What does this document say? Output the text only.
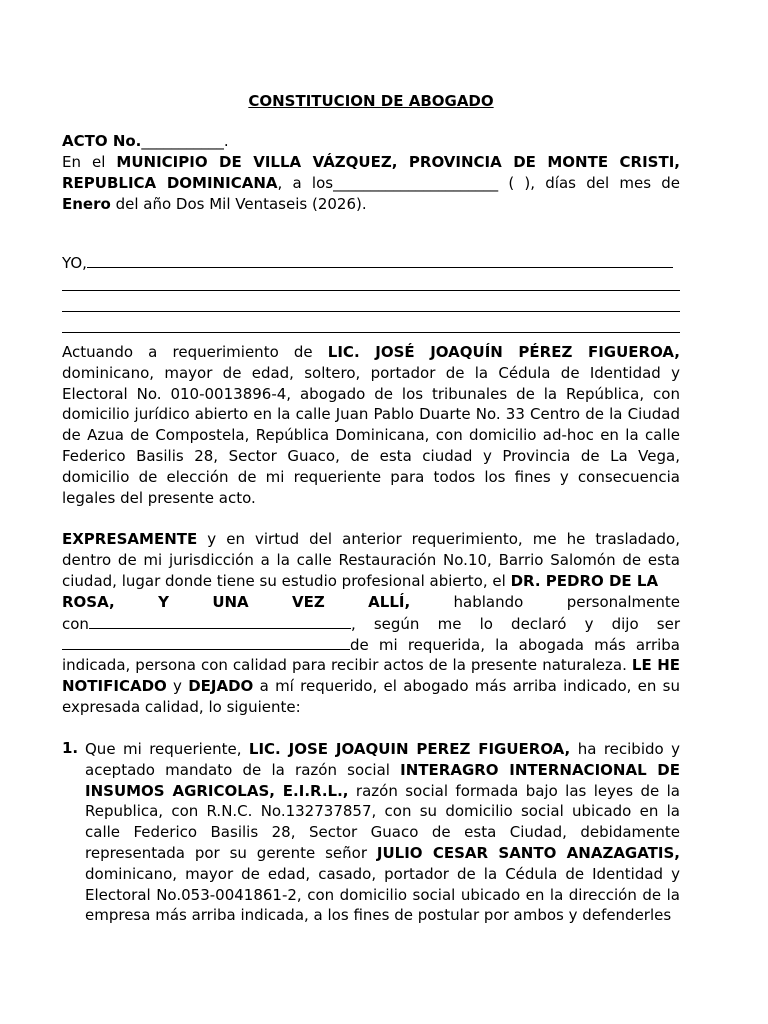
CONSTITUCION DE ABOGADO
ACTO No.___________.
En el MUNICIPIO DE VILLA VÁZQUEZ, PROVINCIA DE MONTE CRISTI, REPUBLICA DOMINICANA, a los______________________ ( ), días del mes de Enero del año Dos Mil Ventaseis (2026).
YO,
Actuando a requerimiento de LIC. JOSÉ JOAQUÍN PÉREZ FIGUEROA, dominicano, mayor de edad, soltero, portador de la Cédula de Identidad y Electoral No. 010-0013896-4, abogado de los tribunales de la República, con domicilio jurídico abierto en la calle Juan Pablo Duarte No. 33 Centro de la Ciudad de Azua de Compostela, República Dominicana, con domicilio ad-hoc en la calle Federico Basilis 28, Sector Guaco, de esta ciudad y Provincia de La Vega, domicilio de elección de mi requeriente para todos los fines y consecuencia legales del presente acto.
EXPRESAMENTE y en virtud del anterior requerimiento, me he trasladado, dentro de mi jurisdicción a la calle Restauración No.10, Barrio Salomón de esta ciudad, lugar donde tiene su estudio profesional abierto, el DR. PEDRO DE LA
ROSA,	Y	UNA	VEZ	ALLÍ,	hablando	personalmente
con	, según me lo declaró y dijo ser
de mi requerida, la abogada más arriba
indicada, persona con calidad para recibir actos de la presente naturaleza. LE HE NOTIFICADO y DEJADO a mí requerido, el abogado más arriba indicado, en su expresada calidad, lo siguiente:
1. Que mi requeriente, LIC. JOSE JOAQUIN PEREZ FIGUEROA, ha recibido y aceptado mandato de la razón social INTERAGRO INTERNACIONAL DE INSUMOS AGRICOLAS, E.I.R.L., razón social formada bajo las leyes de la Republica, con R.N.C. No.132737857, con su domicilio social ubicado en la calle Federico Basilis 28, Sector Guaco de esta Ciudad, debidamente representada por su gerente señor JULIO CESAR SANTO ANAZAGATIS, dominicano, mayor de edad, casado, portador de la Cédula de Identidad y Electoral No.053-0041861-2, con domicilio social ubicado en la dirección de la empresa más arriba indicada, a los fines de postular por ambos y defenderles
